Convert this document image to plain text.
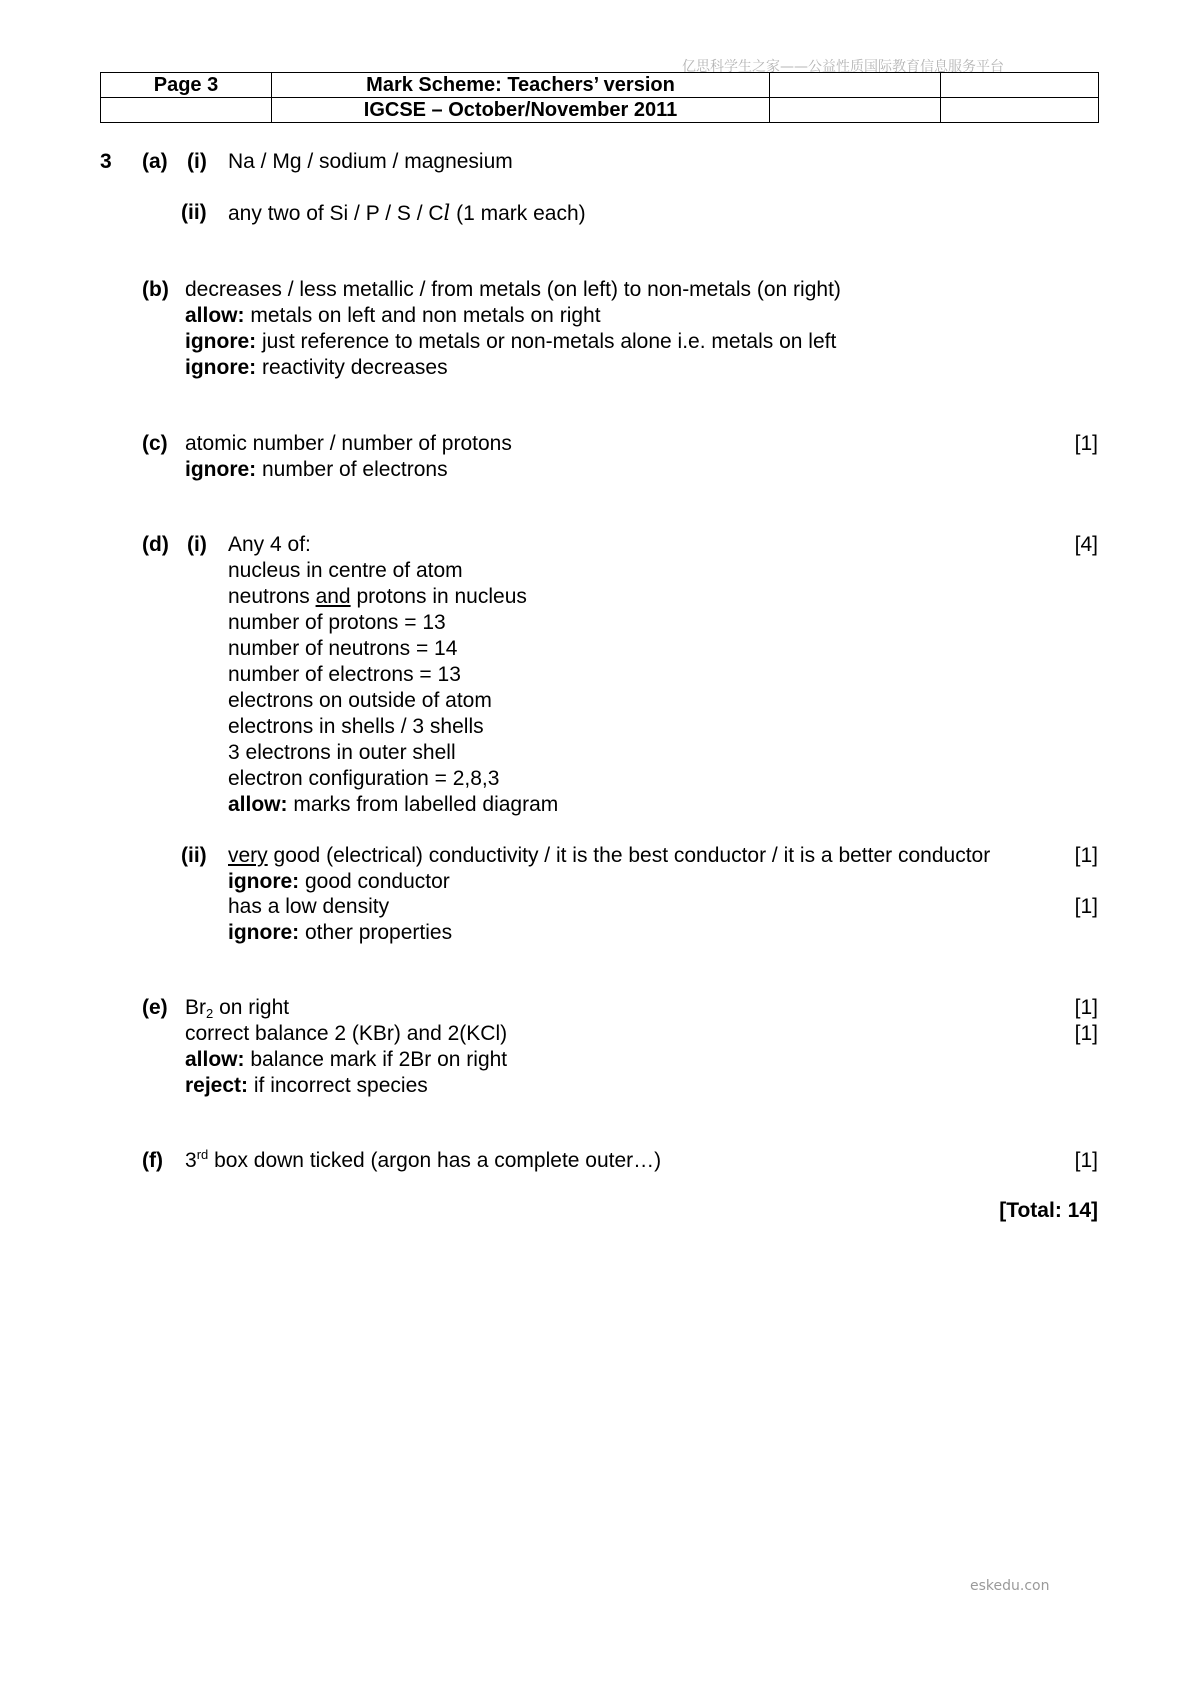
亿思科学生之家——公益性质国际教育信息服务平台
Page 3	Mark Scheme: Teachers’ version		
	IGCSE – October/November 2011		
3 (a) (i) Na / Mg / sodium / magnesium
(ii) any two of Si / P / S / Cl (1 mark each)
(b) decreases / less metallic / from metals (on left) to non-metals (on right)
allow: metals on left and non metals on right
ignore: just reference to metals or non-metals alone i.e. metals on left
ignore: reactivity decreases
(c) atomic number / number of protons	[1]
ignore: number of electrons
(d) (i) Any 4 of:	[4]
nucleus in centre of atom
neutrons and protons in nucleus
number of protons = 13
number of neutrons = 14
number of electrons = 13
electrons on outside of atom
electrons in shells / 3 shells
3 electrons in outer shell
electron configuration = 2,8,3
allow: marks from labelled diagram
(ii) very good (electrical) conductivity / it is the best conductor / it is a better conductor	[1]
ignore: good conductor
has a low density	[1]
ignore: other properties
(e) $Br_2$ on right	[1]
correct balance 2 (KBr) and 2(KCl)	[1]
allow: balance mark if 2Br on right
reject: if incorrect species
(f) 3rd box down ticked (argon has a complete outer…)	[1]
[Total: 14]
eskedu.con
